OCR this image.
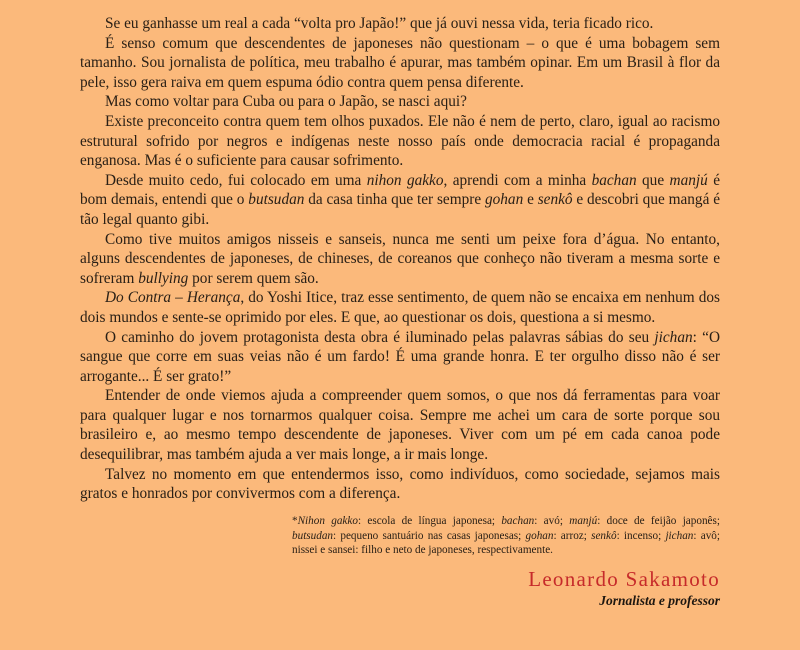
Se eu ganhasse um real a cada “volta pro Japão!” que já ouvi nessa vida, teria ficado rico.

É senso comum que descendentes de japoneses não questionam – o que é uma bobagem sem tamanho. Sou jornalista de política, meu trabalho é apurar, mas também opinar. Em um Brasil à flor da pele, isso gera raiva em quem espuma ódio contra quem pensa diferente.

Mas como voltar para Cuba ou para o Japão, se nasci aqui?

Existe preconceito contra quem tem olhos puxados. Ele não é nem de perto, claro, igual ao racismo estrutural sofrido por negros e indígenas neste nosso país onde democracia racial é propaganda enganosa. Mas é o suficiente para causar sofrimento.

Desde muito cedo, fui colocado em uma nihon gakko, aprendi com a minha bachan que manjú é bom demais, entendi que o butsudan da casa tinha que ter sempre gohan e senkô e descobri que mangá é tão legal quanto gibi.

Como tive muitos amigos nisseis e sanseis, nunca me senti um peixe fora d’água. No entanto, alguns descendentes de japoneses, de chineses, de coreanos que conheço não tiveram a mesma sorte e sofreram bullying por serem quem são.

Do Contra – Herança, do Yoshi Itice, traz esse sentimento, de quem não se encaixa em nenhum dos dois mundos e sente-se oprimido por eles. E que, ao questionar os dois, questiona a si mesmo.

O caminho do jovem protagonista desta obra é iluminado pelas palavras sábias do seu jichan: “O sangue que corre em suas veias não é um fardo! É uma grande honra. E ter orgulho disso não é ser arrogante... É ser grato!”

Entender de onde viemos ajuda a compreender quem somos, o que nos dá ferramentas para voar para qualquer lugar e nos tornarmos qualquer coisa. Sempre me achei um cara de sorte porque sou brasileiro e, ao mesmo tempo descendente de japoneses. Viver com um pé em cada canoa pode desequilibrar, mas também ajuda a ver mais longe, a ir mais longe.

Talvez no momento em que entendermos isso, como indivíduos, como sociedade, sejamos mais gratos e honrados por convivermos com a diferença.

*Nihon gakko: escola de língua japonesa; bachan: avó; manjú: doce de feijão japonês; butsudan: pequeno santuário nas casas japonesas; gohan: arroz; senkô: incenso; jichan: avô; nissei e sansei: filho e neto de japoneses, respectivamente.

Leonardo Sakamoto
Jornalista e professor
